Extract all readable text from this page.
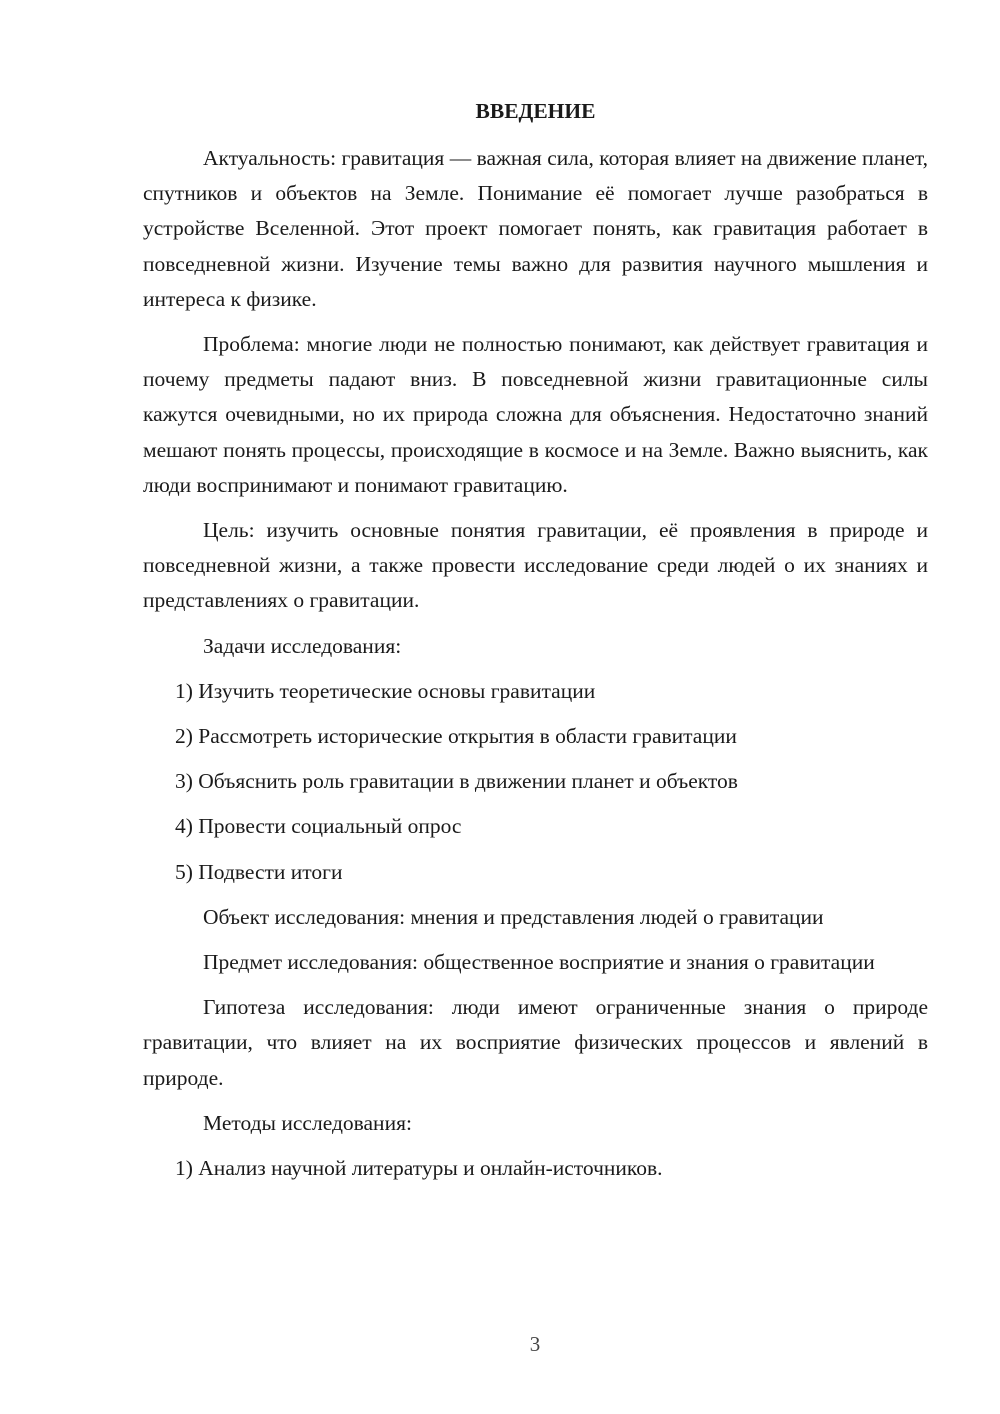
ВВЕДЕНИЕ

Актуальность: гравитация — важная сила, которая влияет на движение планет, спутников и объектов на Земле. Понимание её помогает лучше разобраться в устройстве Вселенной. Этот проект помогает понять, как гравитация работает в повседневной жизни. Изучение темы важно для развития научного мышления и интереса к физике.

Проблема: многие люди не полностью понимают, как действует гравитация и почему предметы падают вниз. В повседневной жизни гравитационные силы кажутся очевидными, но их природа сложна для объяснения. Недостаточно знаний мешают понять процессы, происходящие в космосе и на Земле. Важно выяснить, как люди воспринимают и понимают гравитацию.

Цель: изучить основные понятия гравитации, её проявления в природе и повседневной жизни, а также провести исследование среди людей о их знаниях и представлениях о гравитации.

Задачи исследования:

1) Изучить теоретические основы гравитации

2) Рассмотреть исторические открытия в области гравитации

3) Объяснить роль гравитации в движении планет и объектов

4) Провести социальный опрос

5) Подвести итоги

Объект исследования: мнения и представления людей о гравитации

Предмет исследования: общественное восприятие и знания о гравитации

Гипотеза исследования: люди имеют ограниченные знания о природе гравитации, что влияет на их восприятие физических процессов и явлений в природе.

Методы исследования:

1) Анализ научной литературы и онлайн-источников.

3
